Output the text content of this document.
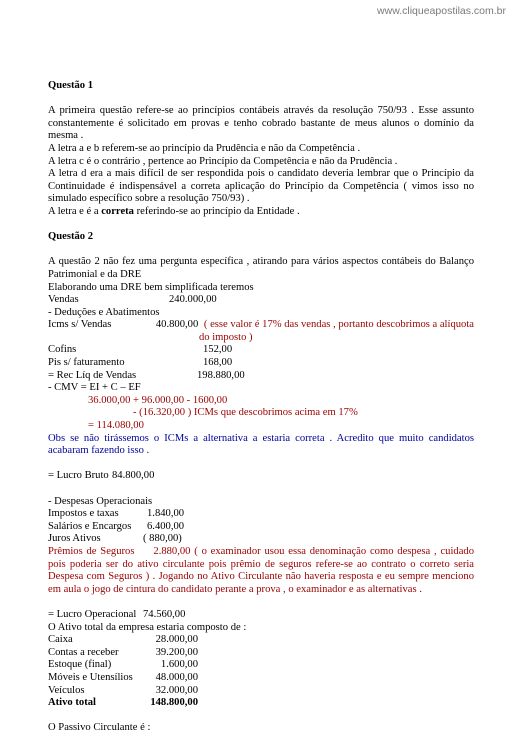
www.cliqueapostilas.com.br

Questão 1

A primeira questão refere-se ao princípios contábeis através da resolução 750/93 . Esse assunto constantemente é solicitado em provas e tenho cobrado bastante de meus alunos o domínio da mesma .

A letra a e b referem-se ao princípio da Prudência e não da Competência .

A letra c é o contrário , pertence ao Princípio da Competência e não da Prudência .

A letra d era a mais difícil de ser respondida pois o candidato deveria lembrar que o Princípio da Continuidade é indispensável a correta aplicação do Princípio da Competência ( vimos isso no simulado específico sobre a resolução 750/93) .

A letra e é a correta referindo-se ao princípio da Entidade .

Questão 2

A questão 2 não fez uma pergunta específica , atirando para vários aspectos contábeis do Balanço Patrimonial e da DRE

Elaborando uma DRE bem simplificada teremos

Vendas	240.000,00

- Deduções e Abatimentos

Icms s/ Vendas	40.800,00 ( esse valor é 17% das vendas , portanto descobrimos a alíquota
do imposto )
Cofins	152,00
Pis s/ faturamento	168,00
= Rec Líq de Vendas	198.880,00

- CMV = EI + C – EF

36.000,00 + 96.000,00 - 1600,00
- (16.320,00 ) ICMs que descobrimos acima em 17%
= 114.080,00

Obs se não tirássemos o ICMs a alternativa a estaria correta . Acredito que muito candidatos acabaram fazendo isso .

= Lucro Bruto 84.800,00

- Despesas Operacionais

Impostos e taxas	1.840,00
Salários e Encargos	6.400,00
Juros Ativos	( 880,00)

Prêmios de Seguros 2.880,00 ( o examinador usou essa denominação como despesa , cuidado pois poderia ser do ativo circulante pois prêmio de seguros refere-se ao contrato o correto seria Despesa com Seguros ) . Jogando no Ativo Circulante não haveria resposta e eu sempre menciono em aula o jogo de cintura do candidato perante a prova , o examinador e as alternativas .

= Lucro Operacional 74.560,00

O Ativo total da empresa estaria composto de :

Caixa	28.000,00
Contas a receber	39.200,00
Estoque (final)	1.600,00
Móveis e Utensílios	48.000,00
Veículos	32.000,00
Ativo total	148.800,00

O Passivo Circulante é :
